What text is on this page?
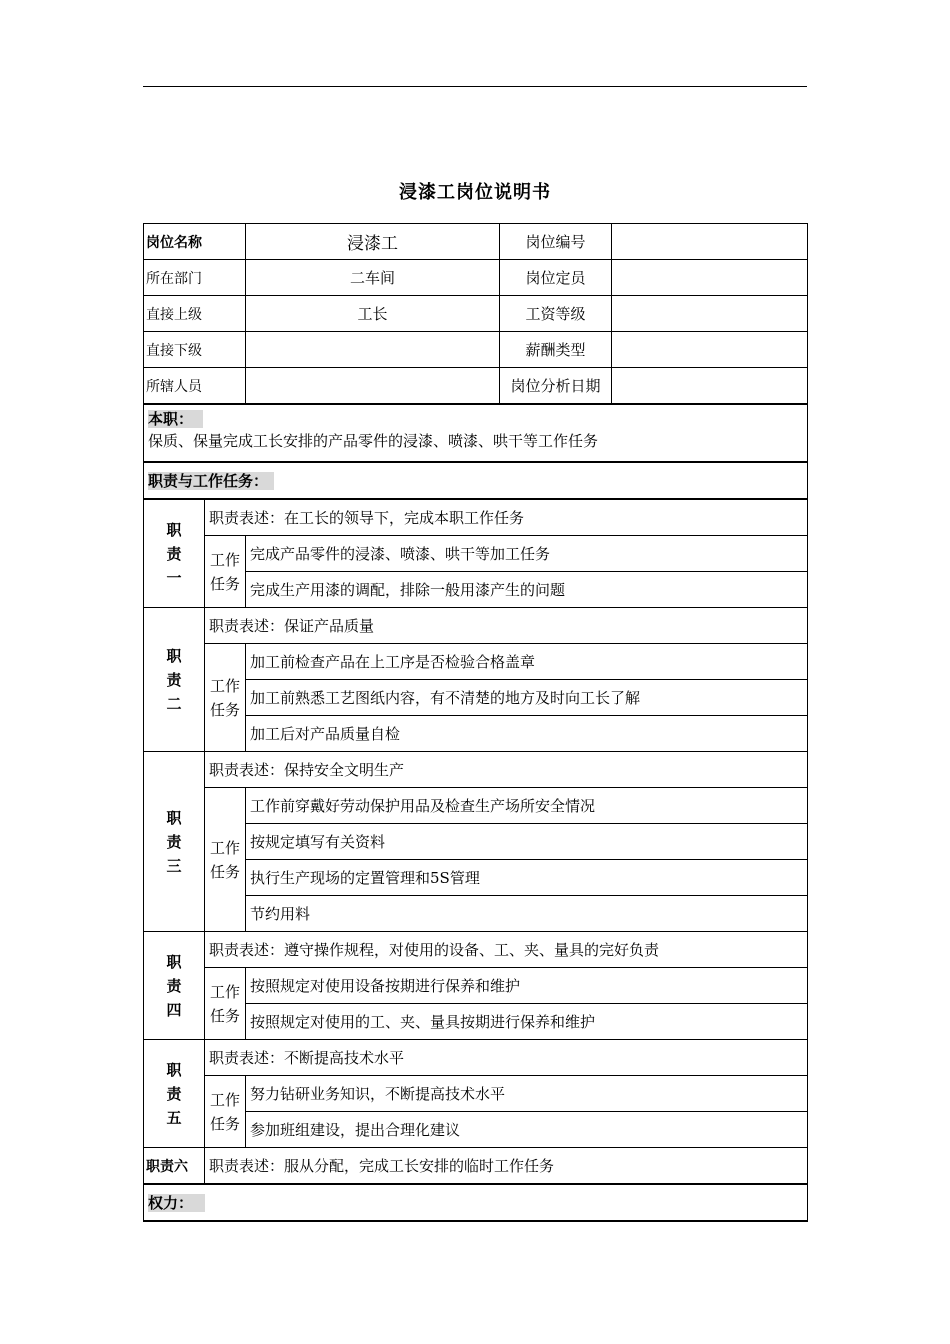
浸漆工岗位说明书
岗位名称		浸漆工	岗位编号	
所在部门		二车间	岗位定员	
直接上级		工长	工资等级	
直接下级			薪酬类型	
所辖人员			岗位分析日期	

本职：
保质、保量完成工长安排的产品零件的浸漆、喷漆、哄干等工作任务				

职责与工作任务：				

职
责
一	职责表述：在工长的领导下，完成本职工作任务			

	工作
任务	完成产品零件的浸漆、喷漆、哄干等加工任务		
		完成生产用漆的调配，排除一般用漆产生的问题		

职
责
二	职责表述：保证产品质量			

	工作
任务	加工前检查产品在上工序是否检验合格盖章		
		加工前熟悉工艺图纸内容，有不清楚的地方及时向工长了解		
		加工后对产品质量自检		

职
责
三	职责表述：保持安全文明生产			

	工作
任务	工作前穿戴好劳动保护用品及检查生产场所安全情况		
		按规定填写有关资料		
		执行生产现场的定置管理和5S管理		
		节约用料		

职
责
四	职责表述：遵守操作规程，对使用的设备、工、夹、量具的完好负责			

	工作
任务	按照规定对使用设备按期进行保养和维护		
		按照规定对使用的工、夹、量具按期进行保养和维护		

职
责
五	职责表述：不断提高技术水平			

	工作
任务	努力钻研业务知识，不断提高技术水平		
		参加班组建设，提出合理化建议		
职责六	职责表述：服从分配，完成工长安排的临时工作任务			
权力：				
